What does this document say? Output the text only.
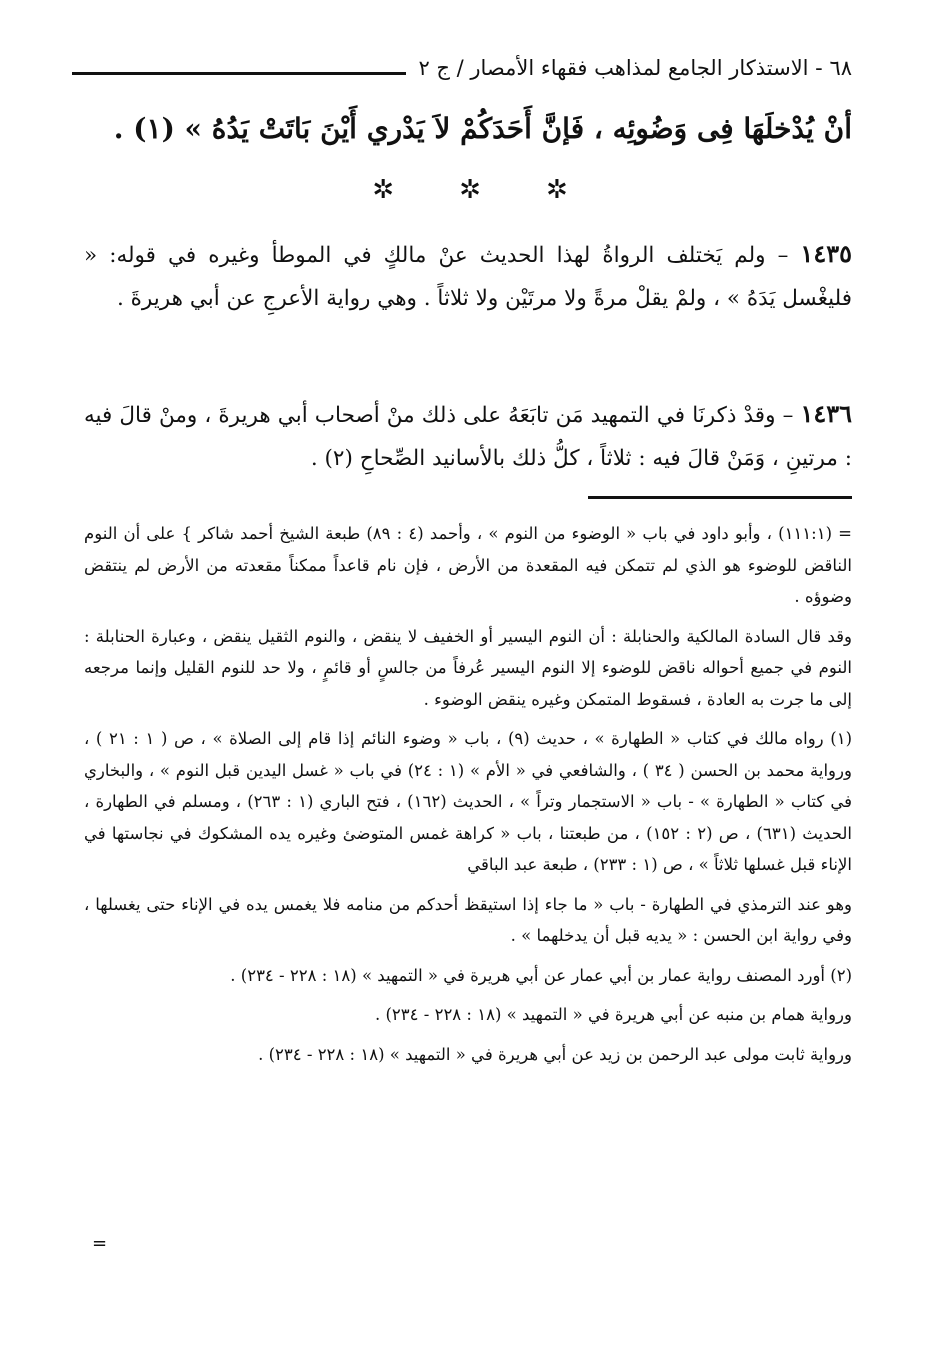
٦٨ - الاستذكار الجامع لمذاهب فقهاء الأمصار / ج ٢
أنْ يُدْخلَهَا فِى وَضُوئِه ، فَإنَّ أَحَدَكُمْ لاَ يَدْري أَيْنَ بَاتَتْ يَدُهُ » (١) .
✲	✲	✲
١٤٣٥ – ولم يَختلف الرواةُ لهذا الحديث عنْ مالكٍ في الموطأ وغيره في قوله: « فليغْسل يَدَهُ » ، ولمْ يقلْ مرةً ولا مرتَيْن ولا ثلاثاً . وهي رواية الأعرجِ عن أبي هريرةَ .
١٤٣٦ – وقدْ ذكرنَا في التمهيد مَن تابَعَهُ على ذلك منْ أصحاب أبي هريرةَ ، ومنْ قالَ فيه : مرتينِ ، وَمَنْ قالَ فيه : ثلاثاً ، كلُّ ذلك بالأسانيد الصِّحاحِ (٢) .

= (١١١:١) ، وأبو داود في باب « الوضوء من النوم » ، وأحمد (٤ : ٨٩) طبعة الشيخ أحمد شاكر } على أن النوم الناقض للوضوء هو الذي لم تتمكن فيه المقعدة من الأرض ، فإن نام قاعداً ممكناً مقعدته من الأرض لم ينتقض وضوؤه .

وقد قال السادة المالكية والحنابلة : أن النوم اليسير أو الخفيف لا ينقض ، والنوم الثقيل ينقض ، وعبارة الحنابلة : النوم في جميع أحواله ناقض للوضوء إلا النوم اليسير عُرفاً من جالسٍ أو قائمٍ ، ولا حد للنوم القليل وإنما مرجعه إلى ما جرت به العادة ، فسقوط المتمكن وغيره ينقض الوضوء .

(١) رواه مالك في كتاب « الطهارة » ، حديث (٩) ، باب « وضوء النائم إذا قام إلى الصلاة » ، ص ( ١ : ٢١ ) ، ورواية محمد بن الحسن ( ٣٤ ) ، والشافعي في « الأم » (١ : ٢٤) في باب « غسل اليدين قبل النوم » ، والبخاري في كتاب « الطهارة » - باب « الاستجمار وتراً » ، الحديث (١٦٢) ، فتح الباري (١ : ٢٦٣) ، ومسلم في الطهارة ، الحديث (٦٣١) ، ص (٢ : ١٥٢) ، من طبعتنا ، باب « كراهة غمس المتوضئ وغيره يده المشكوك في نجاستها في الإناء قبل غسلها ثلاثاً » ، ص (١ : ٢٣٣) ، طبعة عبد الباقي

وهو عند الترمذي في الطهارة - باب « ما جاء إذا استيقظ أحدكم من منامه فلا يغمس يده في الإناء حتى يغسلها ، وفي رواية ابن الحسن : « يديه قبل أن يدخلهما » .

(٢) أورد المصنف رواية عمار بن أبي عمار عن أبي هريرة في « التمهيد » (١٨ : ٢٢٨ - ٢٣٤) .

ورواية همام بن منبه عن أبي هريرة في « التمهيد » (١٨ : ٢٢٨ - ٢٣٤) .

ورواية ثابت مولى عبد الرحمن بن زيد عن أبي هريرة في « التمهيد » (١٨ : ٢٢٨ - ٢٣٤) .

=
